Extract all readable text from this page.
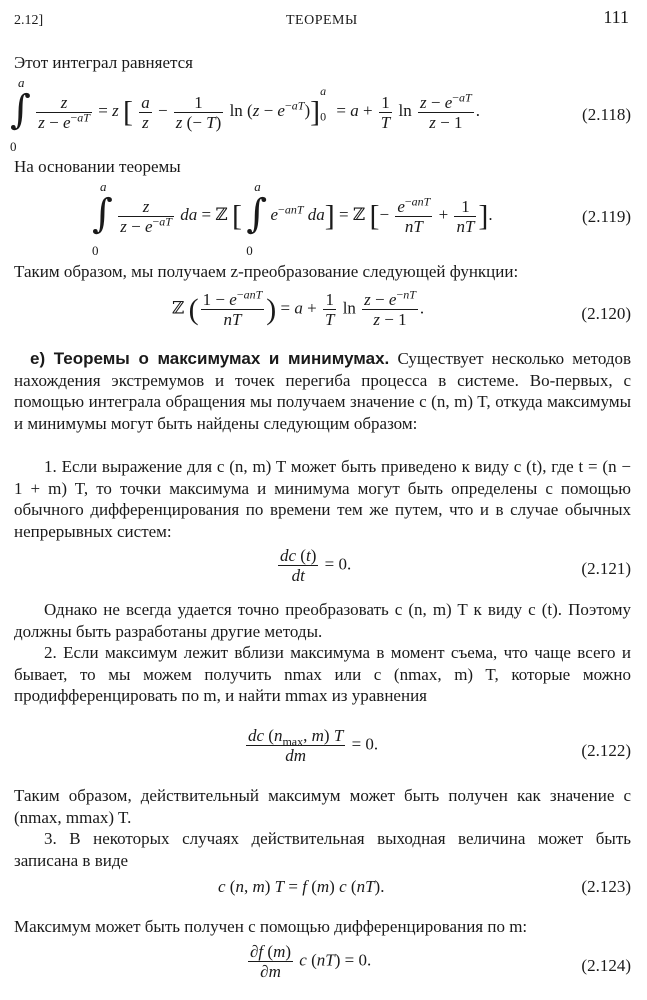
2.12]	ТЕОРЕМЫ	111
Этот интеграл равняется
∫
a
0

$\frac{z}{z - e^{-aT}} = z$ [ $\frac{a}{z} - \frac{1}{z (- T)}$ $\ln (z - e^{-aT})]_0^a = a + \frac{1}{T}$ $\ln \frac{z - e^{-aT}}{z - 1}$ .	(2.118)
На основании теоремы
∫
a
0

$\frac{z}{z - e^{-aT}}$ da = ℤ [ ∫
a
0
$e^{-anT}$ da] = ℤ [− $\frac{e^{-anT}}{nT} + \frac{1}{nT}$ ].	(2.119)
Таким образом, мы получаем z-преобразование следующей функции:
ℤ ( $\frac{1 - e^{-anT}}{nT}$ ) = $a + \frac{1}{T}$ $\ln \frac{z - e^{-nT}}{z - 1}$ .	(2.120)
e) Теоремы о максимумах и минимумах. Существует несколько методов нахождения экстремумов и точек перегиба процесса в системе. Во-первых, с помощью интеграла обращения мы получаем значение c (n, m) T, откуда максимумы и минимумы могут быть найдены следующим образом:
1. Если выражение для c (n, m) T может быть приведено к виду c (t), где t = (n − 1 + m) T, то точки максимума и минимума могут быть определены с помощью обычного дифференцирования по времени тем же путем, что и в случае обычных непрерывных систем:
$\frac{dc (t)}{dt} = 0$.	(2.121)
Однако не всегда удается точно преобразовать c (n, m) T к виду c (t). Поэтому должны быть разработаны другие методы.
2. Если максимум лежит вблизи максимума в момент съема, что чаще всего и бывает, то мы можем получить nmax или c (nmax, m) T, которые можно продифференцировать по m, и найти mmax из уравнения
$\frac{dc (n_{max}, m) T}{dm} = 0$.	(2.122)
Таким образом, действительный максимум может быть получен как значение c (nmax, mmax) T.
3. В некоторых случаях действительная выходная величина может быть записана в виде
c (n, m) T = f (m) c (nT).	(2.123)
Максимум может быть получен с помощью дифференцирования по m:
$\frac{\partial f (m)}{\partial m}$ c (nT) = 0.	(2.124)
